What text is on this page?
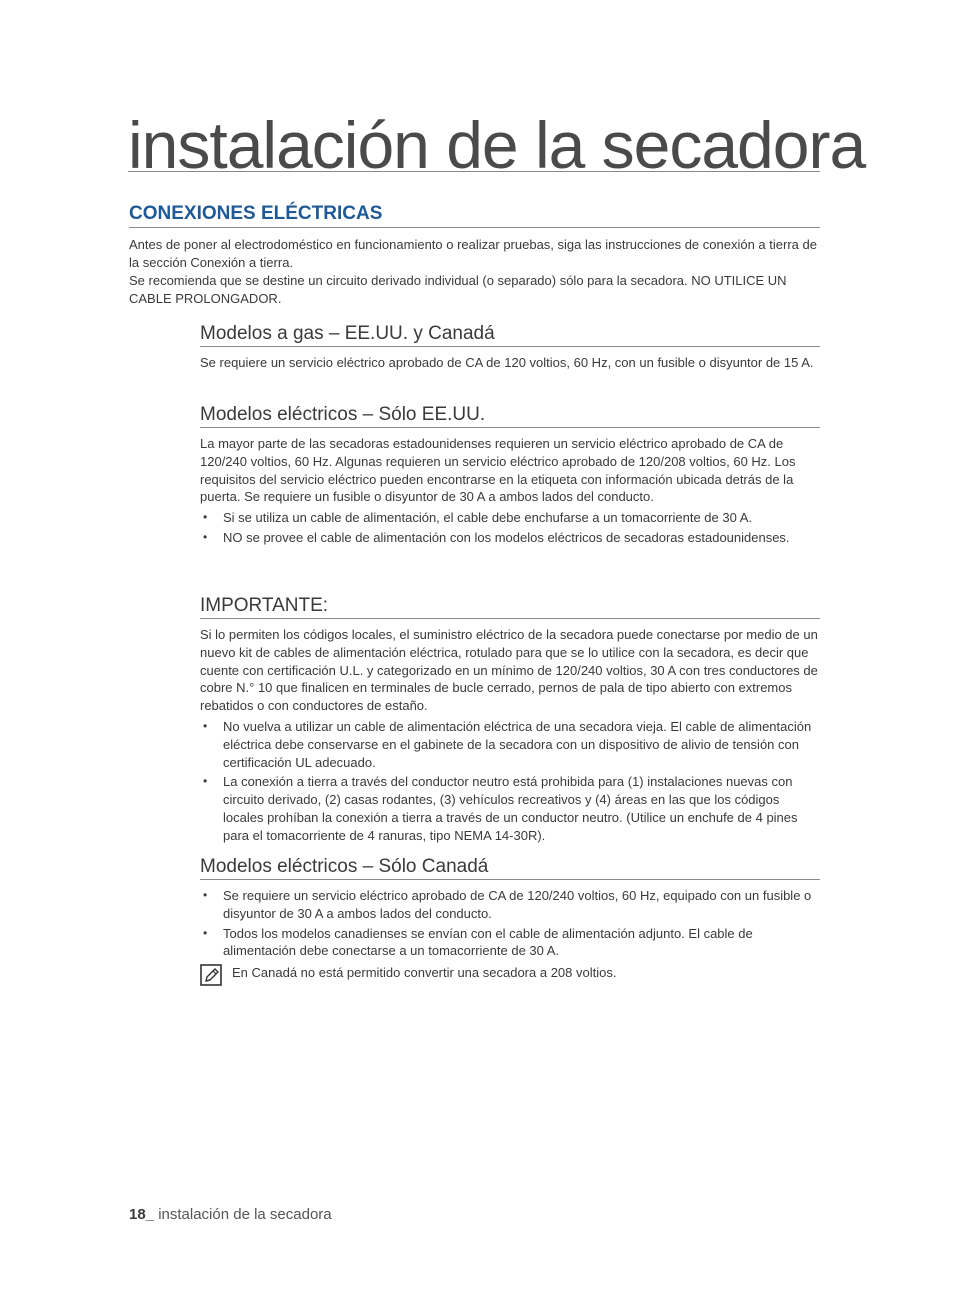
instalación de la secadora
CONEXIONES ELÉCTRICAS

Antes de poner al electrodoméstico en funcionamiento o realizar pruebas, siga las instrucciones de conexión a tierra de la sección Conexión a tierra.

Se recomienda que se destine un circuito derivado individual (o separado) sólo para la secadora. NO UTILICE UN CABLE PROLONGADOR.

Modelos a gas – EE.UU. y Canadá

Se requiere un servicio eléctrico aprobado de CA de 120 voltios, 60 Hz, con un fusible o disyuntor de 15 A.

Modelos eléctricos – Sólo EE.UU.

La mayor parte de las secadoras estadounidenses requieren un servicio eléctrico aprobado de CA de 120/240 voltios, 60 Hz. Algunas requieren un servicio eléctrico aprobado de 120/208 voltios, 60 Hz. Los requisitos del servicio eléctrico pueden encontrarse en la etiqueta con información ubicada detrás de la puerta. Se requiere un fusible o disyuntor de 30 A a ambos lados del conducto.

• Si se utiliza un cable de alimentación, el cable debe enchufarse a un tomacorriente de 30 A.
• NO se provee el cable de alimentación con los modelos eléctricos de secadoras estadounidenses.
IMPORTANTE:

Si lo permiten los códigos locales, el suministro eléctrico de la secadora puede conectarse por medio de un nuevo kit de cables de alimentación eléctrica, rotulado para que se lo utilice con la secadora, es decir que cuente con certificación U.L. y categorizado en un mínimo de 120/240 voltios, 30 A con tres conductores de cobre N.° 10 que finalicen en terminales de bucle cerrado, pernos de pala de tipo abierto con extremos rebatidos o con conductores de estaño.

• No vuelva a utilizar un cable de alimentación eléctrica de una secadora vieja. El cable de alimentación eléctrica debe conservarse en el gabinete de la secadora con un dispositivo de alivio de tensión con certificación UL adecuado.
• La conexión a tierra a través del conductor neutro está prohibida para (1) instalaciones nuevas con circuito derivado, (2) casas rodantes, (3) vehículos recreativos y (4) áreas en las que los códigos locales prohíban la conexión a tierra a través de un conductor neutro. (Utilice un enchufe de 4 pines para el tomacorriente de 4 ranuras, tipo NEMA 14-30R).
Modelos eléctricos – Sólo Canadá
• Se requiere un servicio eléctrico aprobado de CA de 120/240 voltios, 60 Hz, equipado con un fusible o disyuntor de 30 A a ambos lados del conducto.
• Todos los modelos canadienses se envían con el cable de alimentación adjunto. El cable de alimentación debe conectarse a un tomacorriente de 30 A.
En Canadá no está permitido convertir una secadora a 208 voltios.
18_ instalación de la secadora
